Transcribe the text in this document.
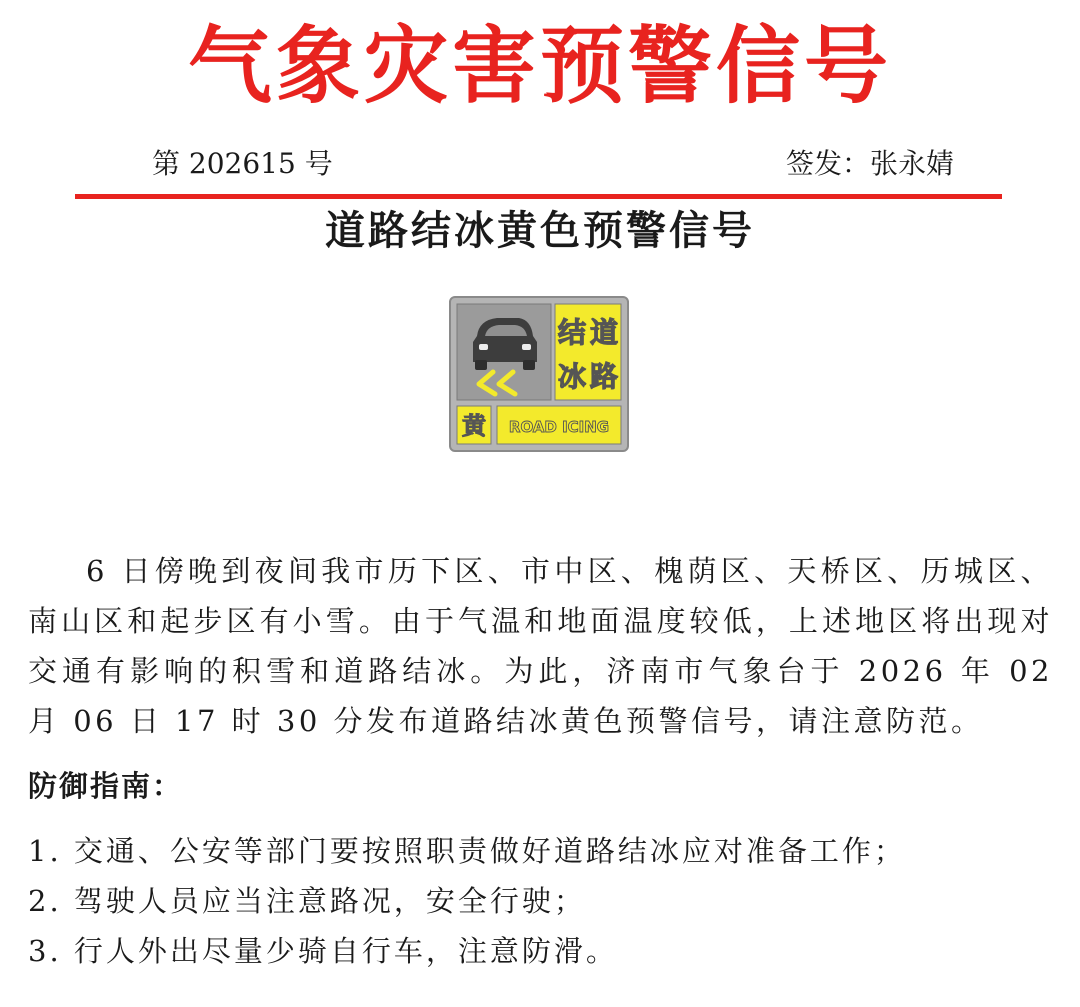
气象灾害预警信号
第 202615 号	签发：张永婧
道路结冰黄色预警信号
结 道
冰 路
黄 ROAD ICING

6 日傍晚到夜间我市历下区、市中区、槐荫区、天桥区、历城区、南山区和起步区有小雪。由于气温和地面温度较低，上述地区将出现对交通有影响的积雪和道路结冰。为此，济南市气象台于 2026 年 02 月 06 日 17 时 30 分发布道路结冰黄色预警信号，请注意防范。

防御指南：
1. 交通、公安等部门要按照职责做好道路结冰应对准备工作；
2. 驾驶人员应当注意路况，安全行驶；
3. 行人外出尽量少骑自行车，注意防滑。
